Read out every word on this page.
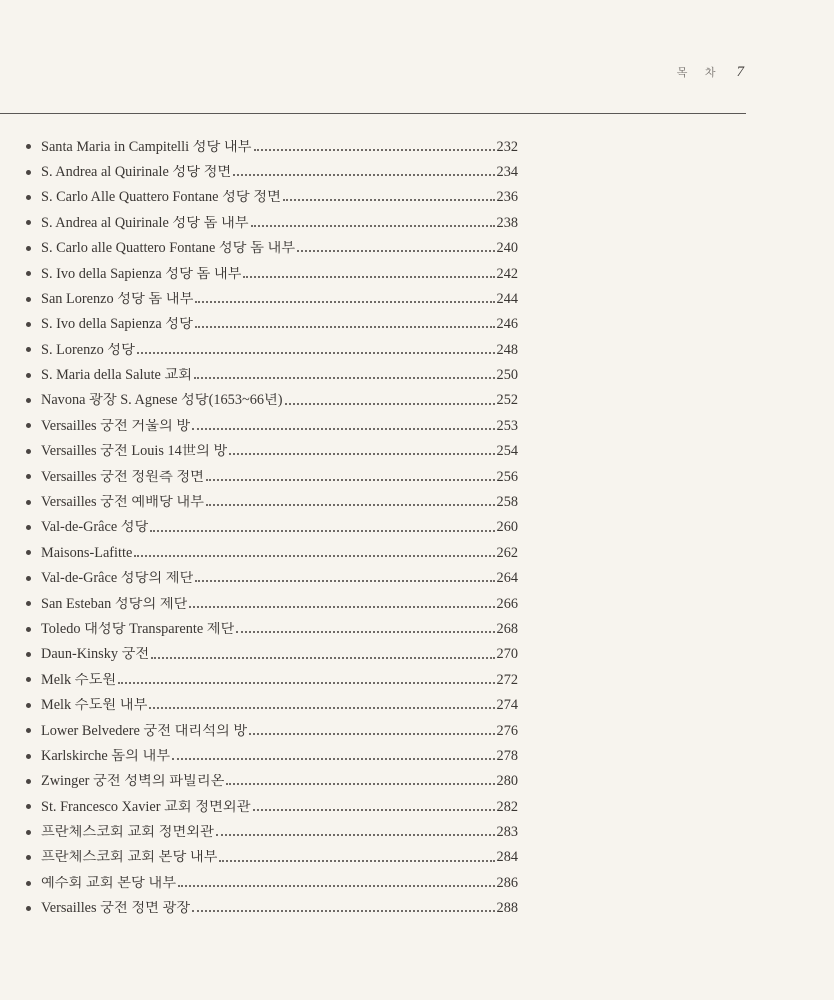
목 차 7
Santa Maria in Campitelli 성당 내부	232
S. Andrea al Quirinale 성당 정면	234
S. Carlo Alle Quattero Fontane 성당 정면	236
S. Andrea al Quirinale 성당 돔 내부	238
S. Carlo alle Quattero Fontane 성당 돔 내부	240
S. Ivo della Sapienza 성당 돔 내부	242
San Lorenzo 성당 돔 내부	244
S. Ivo della Sapienza 성당	246
S. Lorenzo 성당	248
S. Maria della Salute 교회	250
Navona 광장 S. Agnese 성당(1653~66년)	252
Versailles 궁전 거울의 방	253
Versailles 궁전 Louis 14世의 방	254
Versailles 궁전 정원측 정면	256
Versailles 궁전 예배당 내부	258
Val-de-Grâce 성당	260
Maisons-Lafitte	262
Val-de-Grâce 성당의 제단	264
San Esteban 성당의 제단	266
Toledo 대성당 Transparente 제단	268
Daun-Kinsky 궁전	270
Melk 수도원	272
Melk 수도원 내부	274
Lower Belvedere 궁전 대리석의 방	276
Karlskirche 돔의 내부	278
Zwinger 궁전 성벽의 파빌리온	280
St. Francesco Xavier 교회 정면외관	282
프란체스코회 교회 정면외관	283
프란체스코회 교회 본당 내부	284
예수회 교회 본당 내부	286
Versailles 궁전 정면 광장	288
